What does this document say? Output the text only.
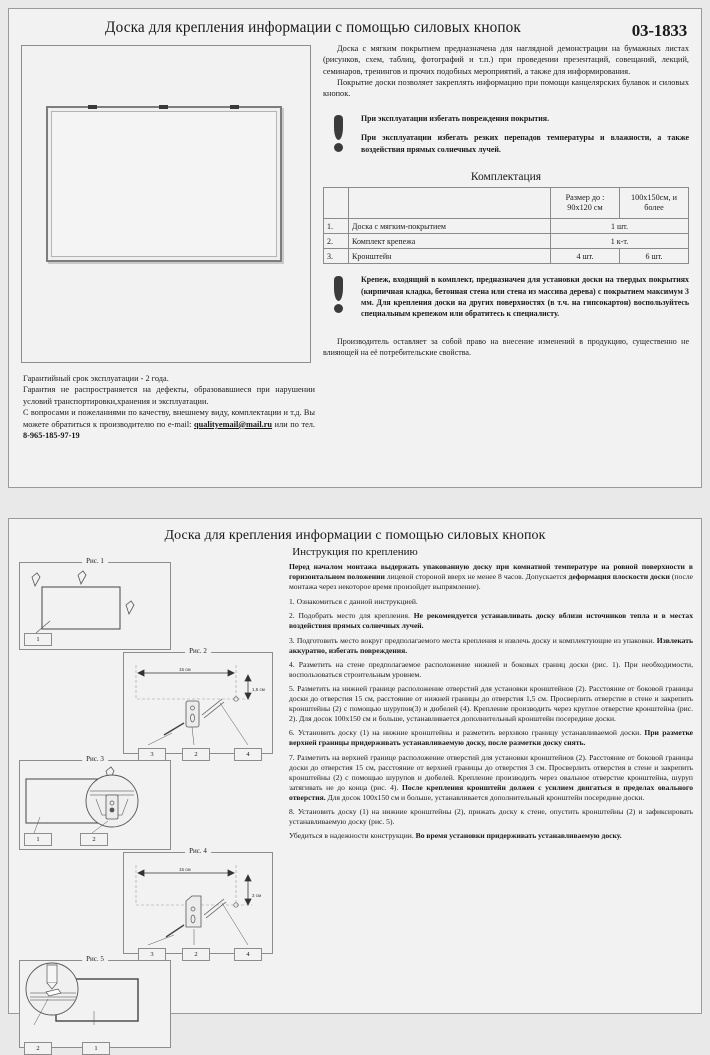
Доска для крепления информации с помощью силовых кнопок	03-1833

Доска с мягким покрытием предназначена для наглядной демонстрации на бумажных листах (рисунков, схем, таблиц, фотографий и т.п.) при проведении презентаций, совещаний, лекций, семинаров, тренингов и прочих подобных мероприятий, а также для информирования.

Покрытие доски позволяет закреплять информацию при помощи канцелярских булавок и силовых кнопок.

При эксплуатации избегать повреждения покрытия.
При эксплуатации избегать резких перепадов температуры и влажности, а также воздействия прямых солнечных лучей.
Комплектация
		Размер до : 90х120 см	100х150см, и более
1.	Доска с мягким-покрытием	1 шт.	
2.	Комплект крепежа	1 к-т.	
3.	Кронштейн	4 шт.	6 шт.
Крепеж, входящий в комплект, предназначен для установки доски на твердых покрытиях (кирпичная кладка, бетонная стена или стена из массива дерева) с покрытием максимум 3 мм. Для крепления доски на других поверхностях (в т.ч. на гипсокартон) воспользуйтесь специальным крепежом или обратитесь к специалисту.

Производитель оставляет за собой право на внесение изменений в продукцию, существенно не влияющей на её потребительские свойства.

Гарантийный срок эксплуатации - 2 года.
Гарантия не распространяется на дефекты, образовавшиеся при нарушении условий транспортировки,хранения и эксплуатации.
С вопросами и пожеланиями по качеству, внешнему виду, комплектации и т.д. Вы можете обратиться к производителю по e-mail: qualityemail@mail.ru или по тел. 8-965-185-97-19
Доска для крепления информации с помощью силовых кнопок
Инструкция по креплению
Рис. 1
1
Рис. 2
15 см
1,5 см
3	2	4
Рис. 3
1	2
Рис. 4
15 см
3 см
3	2	4
Рис. 5
2	1

Перед началом монтажа выдержать упакованную доску при комнатной температуре на ровной поверхности в горизонтальном положении лицевой стороной вверх не менее 8 часов. Допускается деформация плоскости доски (после монтажа через некоторое время произойдет выпрямление).

1. Ознакомиться с данной инструкцией.

2. Подобрать место для крепления. Не рекомендуется устанавливать доску вблизи источников тепла и в местах воздействия прямых солнечных лучей.

3. Подготовить место вокруг предполагаемого места крепления и извлечь доску и комплектующие из упаковки. Извлекать аккуратно, избегать повреждения.

4. Разметить на стене предполагаемое расположение нижней и боковых границ доски (рис. 1). При необходимости, воспользоваться строительным уровнем.

5. Разметить на нижней границе расположение отверстий для установки кронштейнов (2). Расстояние от боковой границы доски до отверстия 15 см, расстояние от нижней границы до отверстия 1,5 см. Просверлить отверстие в стене и закрепить кронштейны (2) с помощью шурупов(3) и дюбелей (4). Крепление производить через круглое отверстие кронштейна (рис. 2). Для досок 100х150 см и больше, устанавливается дополнительный кронштейн посередине доски.

6. Установить доску (1) на нижние кронштейны и разметить верхнюю границу устанавливаемой доски. При разметке верхней границы придерживать устанавливаемую доску, после разметки доску снять.

7. Разметить на верхней границе расположение отверстий для установки кронштейнов (2). Расстояние от боковой границы доски до отверстия 15 см, расстояние от верхней границы до отверстия 3 см. Просверлить отверстия в стене и закрепить кронштейны (2) с помощью шурупов и дюбелей. Крепление производить через овальное отверстие кронштейна, шуруп затягивать не до конца (рис. 4). После крепления кронштейн должен с усилием двигаться в пределах овального отверстия. Для досок 100х150 см и больше, устанавливается дополнительный кронштейн посередине доски.

8. Установить доску (1) на нижние кронштейны (2), прижать доску к стене, опустить кронштейны (2) и зафиксировать устанавливаемую доску (рис. 5).

Убедиться в надежности конструкции. Во время установки придерживать устанавливаемую доску.
